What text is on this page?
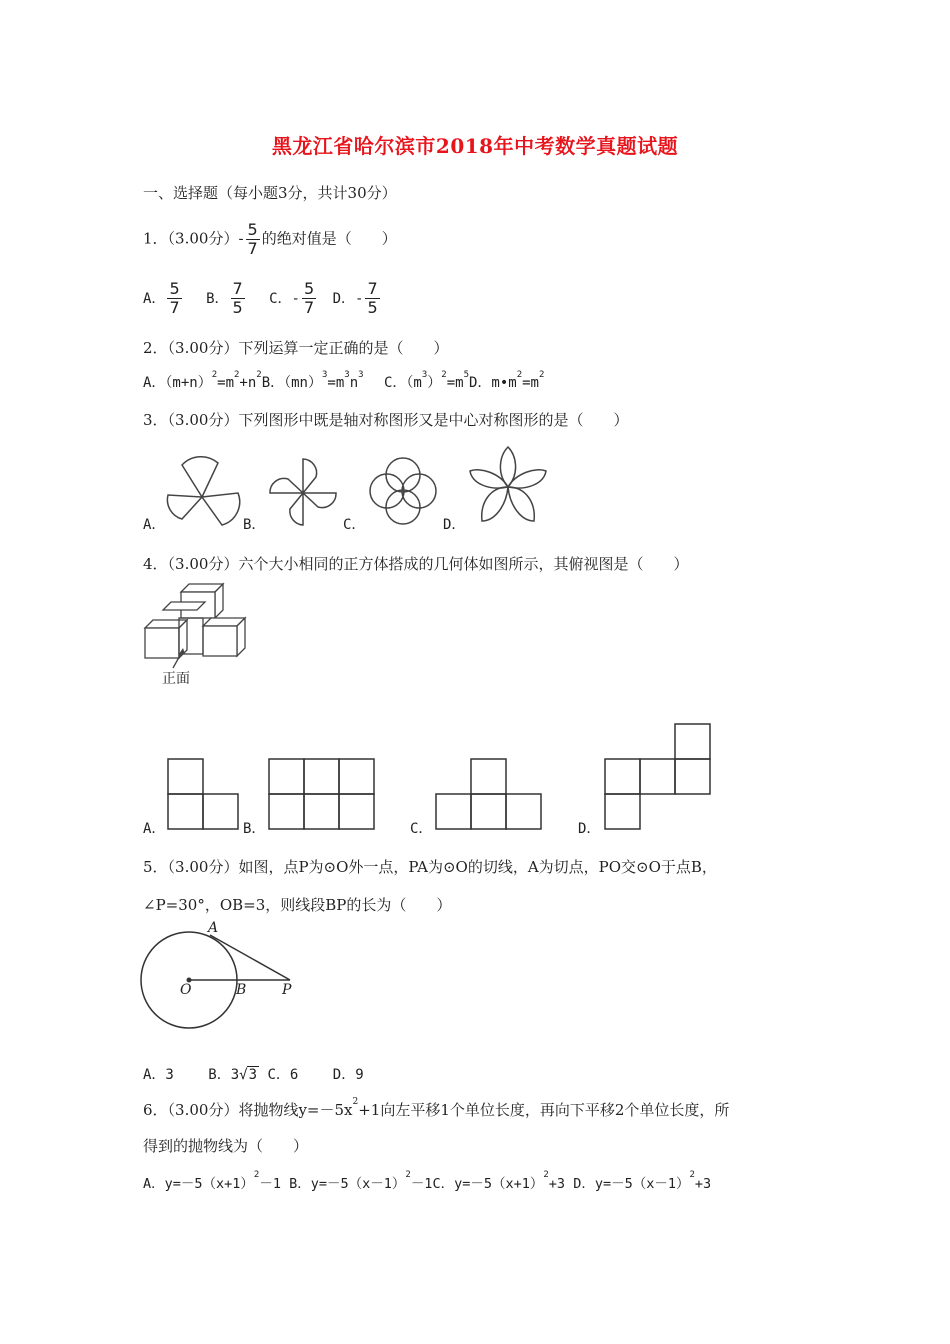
黑龙江省哈尔滨市2018年中考数学真题试题
一、选择题（每小题3分，共计30分）
1．（3.00分）- $\frac{5}{7}$ 的绝对值是（　　）
A． $\frac{5}{7}$ B． $\frac{7}{5}$ C．- $\frac{5}{7}$ D．- $\frac{7}{5}$
2．（3.00分）下列运算一定正确的是（　　）
A．$(m+n)^2=m^2+n^2B$．$(mn)^3=m^3n^3$ C．$(m^3)^2=m^5D$．$m•m^2=m^2$
3．（3.00分）下列图形中既是轴对称图形又是中心对称图形的是（　　）
A．	B．	C．	D．
4．（3.00分）六个大小相同的正方体搭成的几何体如图所示，其俯视图是（　　）
正面
A．	B．	C．	D．
5．（3.00分）如图，点P为⊙O外一点，PA为⊙O的切线，A为切点，PO交⊙O于点B，
∠P=30°，OB=3，则线段BP的长为（　　）
A
O	B	P
A．3 B．3√3 C．6 D．9
6．（3.00分）将抛物线$y=-5x^2+1$向左平移1个单位长度，再向下平移2个单位长度，所
得到的抛物线为（　　）
A．$y=-5(x+1)^2-1$ B．$y=-5(x-1)^2-1C$．$y=-5(x+1)^2+3$ D．$y=-5(x-1)^2+3$
